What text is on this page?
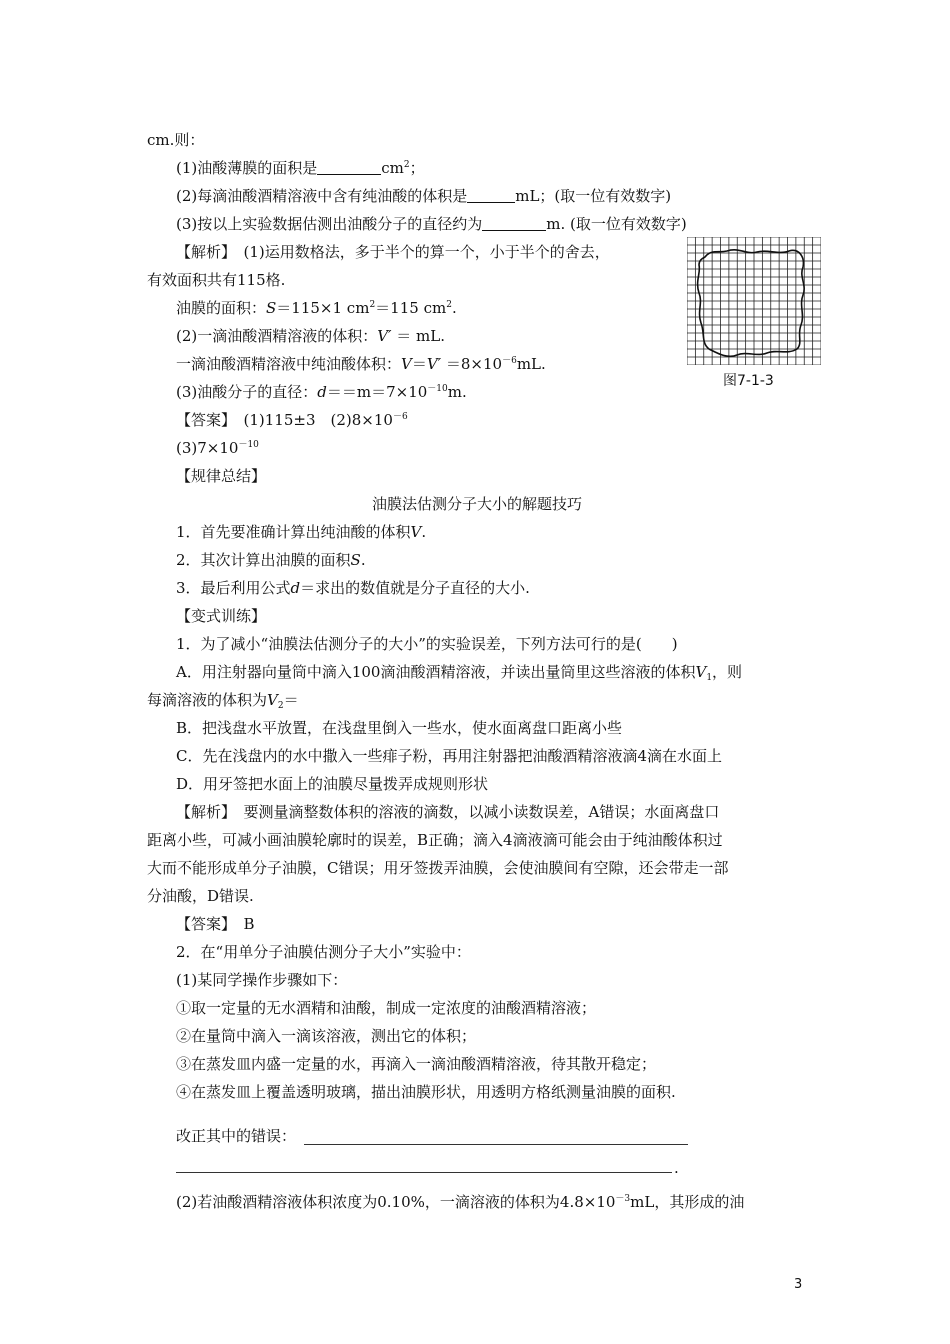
cm.则：
(1)油酸薄膜的面积是	$cm^2$；
(2)每滴油酸酒精溶液中含有纯油酸的体积是	mL；(取一位有效数字)
(3)按以上实验数据估测出油酸分子的直径约为	m. (取一位有效数字)
【解析】　(1)运用数格法，多于半个的算一个，小于半个的舍去，
有效面积共有115格.
油膜的面积：S＝115×1 $cm^2=115$ $cm^2$.
(2)一滴油酸酒精溶液的体积：V′ ＝ mL.
一滴油酸酒精溶液中纯油酸体积：$V=V' =8\times 10^{-6}mL$.
(3)油酸分子的直径：$d==m=7\times 10^{-10}m$.
【答案】　(1)115±3　$(2)8\times 10^{-6}$
$(3)7\times 10^{-10}$
【规律总结】
油膜法估测分子大小的解题技巧
1．首先要准确计算出纯油酸的体积V.
2．其次计算出油膜的面积S.
3．最后利用公式d＝求出的数值就是分子直径的大小.
【变式训练】
1．为了减小“油膜法估测分子的大小”的实验误差，下列方法可行的是(　　)
A．用注射器向量筒中滴入100滴油酸酒精溶液，并读出量筒里这些溶液的体积$V_1$，则
每滴溶液的体积为$V_2=$
B．把浅盘水平放置，在浅盘里倒入一些水，使水面离盘口距离小些
C．先在浅盘内的水中撒入一些痱子粉，再用注射器把油酸酒精溶液滴4滴在水面上
D．用牙签把水面上的油膜尽量拨弄成规则形状
【解析】　要测量滴整数体积的溶液的滴数，以减小读数误差，A错误；水面离盘口
距离小些，可减小画油膜轮廓时的误差，B正确；滴入4滴液滴可能会由于纯油酸体积过
大而不能形成单分子油膜，C错误；用牙签拨弄油膜，会使油膜间有空隙，还会带走一部
分油酸，D错误.
【答案】　B
2．在“用单分子油膜估测分子大小”实验中：
(1)某同学操作步骤如下：
①取一定量的无水酒精和油酸，制成一定浓度的油酸酒精溶液；
②在量筒中滴入一滴该溶液，测出它的体积；
③在蒸发皿内盛一定量的水，再滴入一滴油酸酒精溶液，待其散开稳定；
④在蒸发皿上覆盖透明玻璃，描出油膜形状，用透明方格纸测量油膜的面积.
改正其中的错误：
.
(2)若油酸酒精溶液体积浓度为0.10%，一滴溶液的体积为$4.8\times 10^{-3}mL$，其形成的油
图7-1-3
3
